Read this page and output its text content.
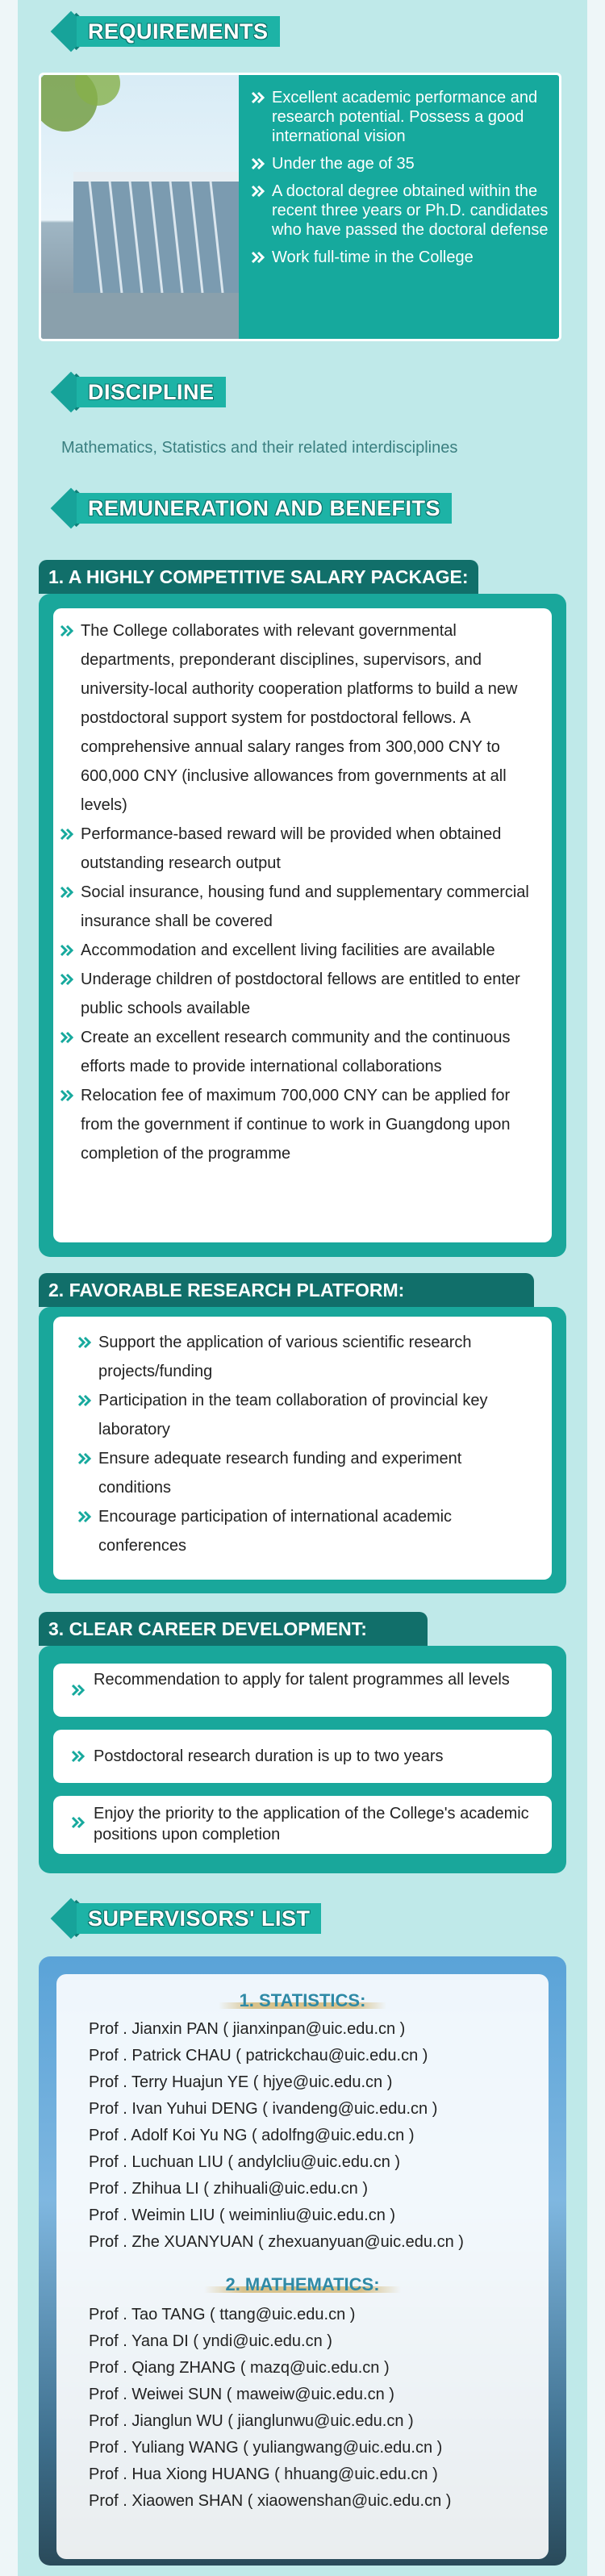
REQUIREMENTS
Excellent academic performance and research potential. Possess a good international vision
Under the age of 35
A doctoral degree obtained within the recent three years or Ph.D. candidates who have passed the doctoral defense
Work full-time in the College
DISCIPLINE
Mathematics, Statistics and their related interdisciplines
REMUNERATION AND BENEFITS
1. A HIGHLY COMPETITIVE SALARY PACKAGE:
The College collaborates with relevant governmental departments, preponderant disciplines, supervisors, and university-local authority cooperation platforms to build a new postdoctoral support system for postdoctoral fellows. A comprehensive annual salary ranges from 300,000 CNY to 600,000 CNY (inclusive allowances from governments at all levels)
Performance-based reward will be provided when obtained outstanding research output
Social insurance, housing fund and supplementary commercial insurance shall be covered
Accommodation and excellent living facilities are available
Underage children of postdoctoral fellows are entitled to enter public schools available
Create an excellent research community and the continuous efforts made to provide international collaborations
Relocation fee of maximum 700,000 CNY can be applied for from the government if continue to work in Guangdong upon completion of the programme
2. FAVORABLE RESEARCH PLATFORM:
Support the application of various scientific research projects/funding
Participation in the team collaboration of provincial key laboratory
Ensure adequate research funding and experiment conditions
Encourage participation of international academic conferences
3. CLEAR CAREER DEVELOPMENT:
Recommendation to apply for talent programmes all levels
Postdoctoral research duration is up to two years
Enjoy the priority to the application of the College's academic positions upon completion
SUPERVISORS' LIST
1. STATISTICS:
Prof . Jianxin PAN ( jianxinpan@uic.edu.cn )
Prof . Patrick CHAU ( patrickchau@uic.edu.cn )
Prof . Terry Huajun YE ( hjye@uic.edu.cn )
Prof . Ivan Yuhui DENG ( ivandeng@uic.edu.cn )
Prof . Adolf Koi Yu NG ( adolfng@uic.edu.cn )
Prof . Luchuan LIU ( andylcliu@uic.edu.cn )
Prof . Zhihua LI ( zhihuali@uic.edu.cn )
Prof . Weimin LIU ( weiminliu@uic.edu.cn )
Prof . Zhe XUANYUAN ( zhexuanyuan@uic.edu.cn )
2. MATHEMATICS:
Prof . Tao TANG ( ttang@uic.edu.cn )
Prof . Yana DI ( yndi@uic.edu.cn )
Prof . Qiang ZHANG ( mazq@uic.edu.cn )
Prof . Weiwei SUN ( maweiw@uic.edu.cn )
Prof . Jianglun WU ( jianglunwu@uic.edu.cn )
Prof . Yuliang WANG ( yuliangwang@uic.edu.cn )
Prof . Hua Xiong HUANG ( hhuang@uic.edu.cn )
Prof . Xiaowen SHAN ( xiaowenshan@uic.edu.cn )
